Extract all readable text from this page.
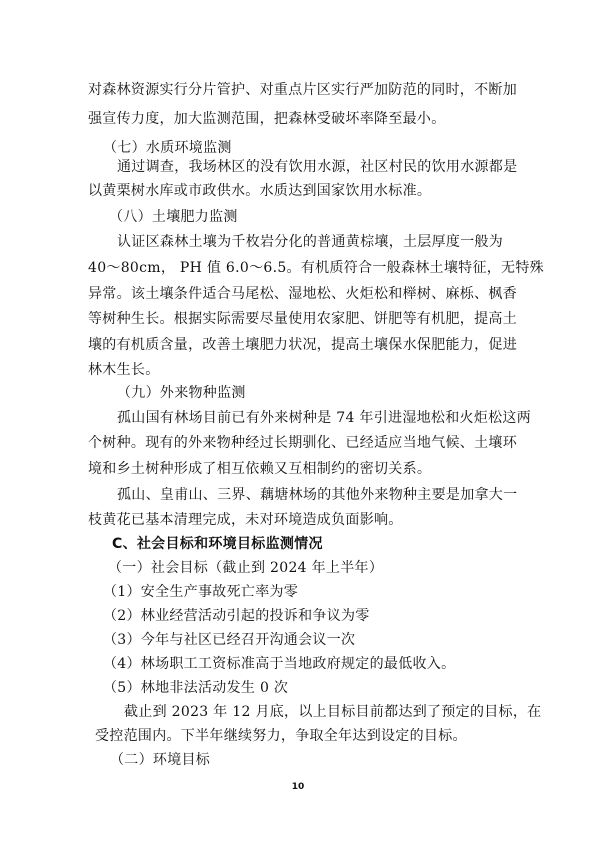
对森林资源实行分片管护、对重点片区实行严加防范的同时，不断加
强宣传力度，加大监测范围，把森林受破坏率降至最小。
（七）水质环境监测
通过调查，我场林区的没有饮用水源，社区村民的饮用水源都是
以黄栗树水库或市政供水。水质达到国家饮用水标准。
（八）土壤肥力监测
认证区森林土壤为千枚岩分化的普通黄棕壤，土层厚度一般为
40～80cm， PH 值 6.0～6.5。有机质符合一般森林土壤特征，无特殊
异常。该土壤条件适合马尾松、湿地松、火炬松和榉树、麻栎、枫香
等树种生长。根据实际需要尽量使用农家肥、饼肥等有机肥，提高土
壤的有机质含量，改善土壤肥力状况，提高土壤保水保肥能力，促进
林木生长。
（九）外来物种监测
孤山国有林场目前已有外来树种是 74 年引进湿地松和火炬松这两
个树种。现有的外来物种经过长期驯化、已经适应当地气候、土壤环
境和乡土树种形成了相互依赖又互相制约的密切关系。
孤山、皇甫山、三界、藕塘林场的其他外来物种主要是加拿大一
枝黄花已基本清理完成，未对环境造成负面影响。
C、社会目标和环境目标监测情况
（一）社会目标（截止到 2024 年上半年）
（1）安全生产事故死亡率为零
（2）林业经营活动引起的投诉和争议为零
（3）今年与社区已经召开沟通会议一次
（4）林场职工工资标准高于当地政府规定的最低收入。
（5）林地非法活动发生 0 次
截止到 2023 年 12 月底，以上目标目前都达到了预定的目标，在
受控范围内。下半年继续努力，争取全年达到设定的目标。
（二）环境目标
10
